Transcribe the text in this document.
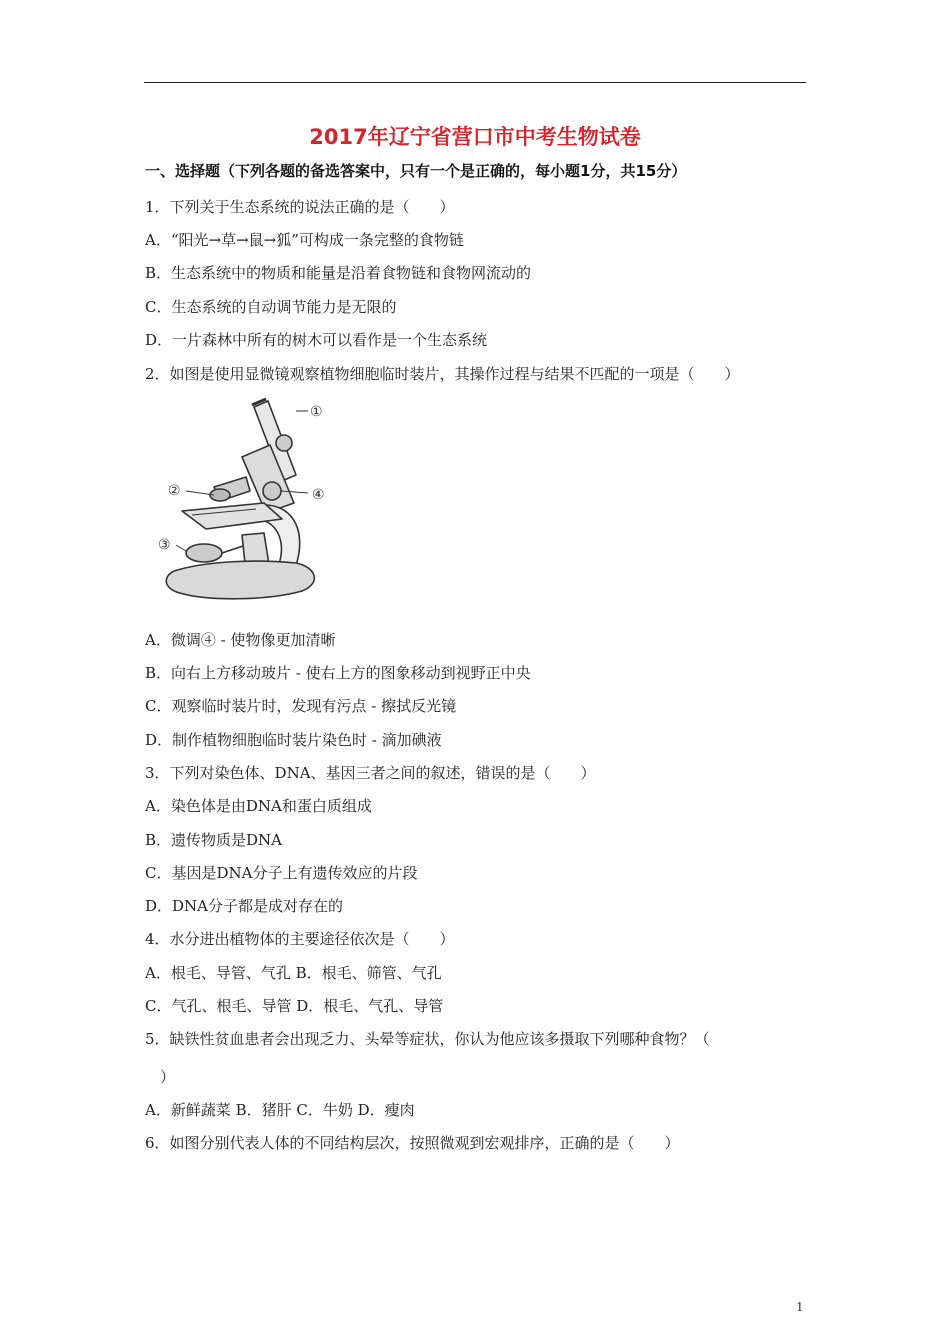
2017年辽宁省营口市中考生物试卷
一、选择题（下列各题的备选答案中，只有一个是正确的，每小题1分，共15分）
1．下列关于生态系统的说法正确的是（　　）
A．“阳光→草→鼠→狐”可构成一条完整的食物链
B．生态系统中的物质和能量是沿着食物链和食物网流动的
C．生态系统的自动调节能力是无限的
D．一片森林中所有的树木可以看作是一个生态系统
2．如图是使用显微镜观察植物细胞临时装片，其操作过程与结果不匹配的一项是（　　）
①
②
③
④
A．微调④ - 使物像更加清晰
B．向右上方移动玻片 - 使右上方的图象移动到视野正中央
C．观察临时装片时，发现有污点 - 擦拭反光镜
D．制作植物细胞临时装片染色时 - 滴加碘液
3．下列对染色体、DNA、基因三者之间的叙述，错误的是（　　）
A．染色体是由DNA和蛋白质组成
B．遗传物质是DNA
C．基因是DNA分子上有遗传效应的片段
D．DNA分子都是成对存在的
4．水分进出植物体的主要途径依次是（　　）
A．根毛、导管、气孔 B．根毛、筛管、气孔
C．气孔、根毛、导管 D．根毛、气孔、导管
5．缺铁性贫血患者会出现乏力、头晕等症状，你认为他应该多摄取下列哪种食物？（
）
A．新鲜蔬菜 B．猪肝 C．牛奶 D．瘦肉
6．如图分别代表人体的不同结构层次，按照微观到宏观排序，正确的是（　　）
1
